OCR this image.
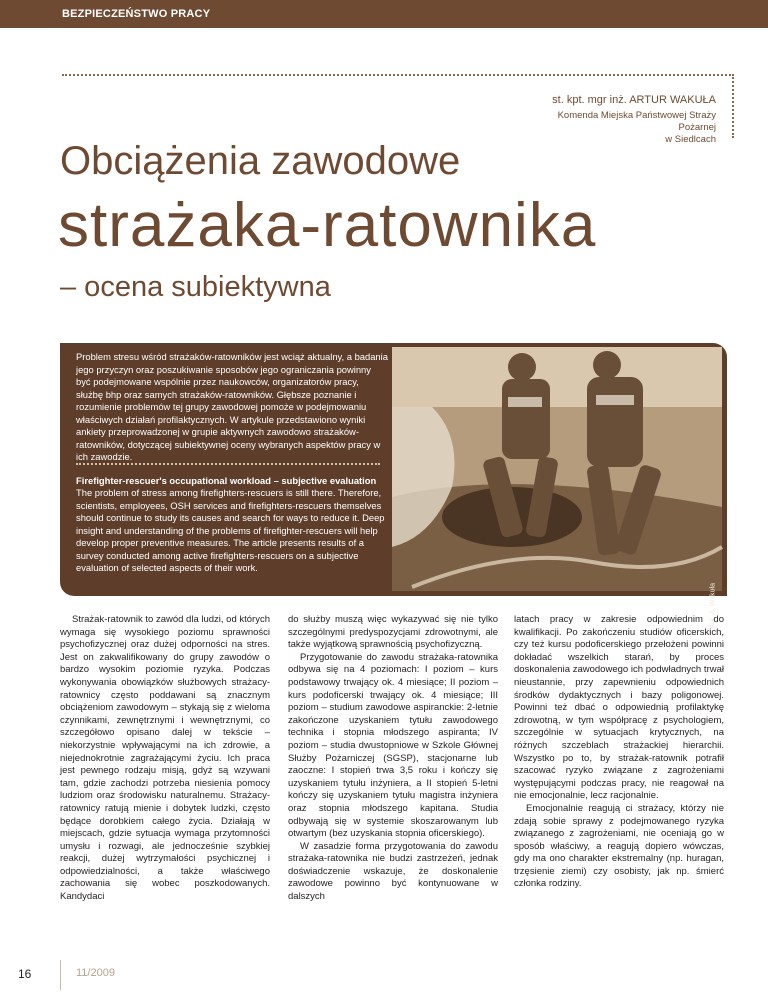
BEZPIECZEŃSTWO PRACY
st. kpt. mgr inż. ARTUR WAKUŁA
Komenda Miejska Państwowej Straży Pożarnej
w Siedlcach
Obciążenia zawodowe
strażaka-ratownika
– ocena subiektywna
Problem stresu wśród strażaków-ratowników jest wciąż aktualny, a badania jego przyczyn oraz poszukiwanie sposobów jego ograniczania powinny być podejmowane wspólnie przez naukowców, organizatorów pracy, służbę bhp oraz samych strażaków-ratowników. Głębsze poznanie i rozumienie problemów tej grupy zawodowej pomoże w podejmowaniu właściwych działań profilaktycznych. W artykule przedstawiono wyniki ankiety przeprowadzonej w grupie aktywnych zawodowo strażaków-ratowników, dotyczącej subiektywnej oceny wybranych aspektów pracy w ich zawodzie.
Firefighter-rescuer's occupational workload – subjective evaluation
The problem of stress among firefighters-rescuers is still there. Therefore, scientists, employees, OSH services and firefighters-rescuers themselves should continue to study its causes and search for ways to reduce it. Deep insight and understanding of the problems of firefighter-rescuers will help develop proper preventive measures. The article presents results of a survey conducted among active firefighters-rescuers on a subjective evaluation of selected aspects of their work.
Fot. A. Wakuła

Strażak-ratownik to zawód dla ludzi, od których wymaga się wysokiego poziomu sprawności psychofizycznej oraz dużej odporności na stres. Jest on zakwalifikowany do grupy zawodów o bardzo wysokim poziomie ryzyka. Podczas wykonywania obowiązków służbowych strażacy-ratownicy często poddawani są znacznym obciążeniom zawodowym – stykają się z wieloma czynnikami, zewnętrznymi i wewnętrznymi, co szczegółowo opisano dalej w tekście – niekorzystnie wpływającymi na ich zdrowie, a niejednokrotnie zagrażającymi życiu. Ich praca jest pewnego rodzaju misją, gdyż są wzywani tam, gdzie zachodzi potrzeba niesienia pomocy ludziom oraz środowisku naturalnemu. Strażacy-ratownicy ratują mienie i dobytek ludzki, często będące dorobkiem całego życia. Działają w miejscach, gdzie sytuacja wymaga przytomności umysłu i rozwagi, ale jednocześnie szybkiej reakcji, dużej wytrzymałości psychicznej i odpowiedzialności, a także właściwego zachowania się wobec poszkodowanych. Kandydaci

do służby muszą więc wykazywać się nie tylko szczególnymi predyspozycjami zdrowotnymi, ale także wyjątkową sprawnością psychofizyczną.

Przygotowanie do zawodu strażaka-ratownika odbywa się na 4 poziomach: I poziom – kurs podstawowy trwający ok. 4 miesiące; II poziom – kurs podoficerski trwający ok. 4 miesiące; III poziom – studium zawodowe aspiranckie: 2-letnie zakończone uzyskaniem tytułu zawodowego technika i stopnia młodszego aspiranta; IV poziom – studia dwustopniowe w Szkole Głównej Służby Pożarniczej (SGSP), stacjonarne lub zaoczne: I stopień trwa 3,5 roku i kończy się uzyskaniem tytułu inżyniera, a II stopień 5-letni kończy się uzyskaniem tytułu magistra inżyniera oraz stopnia młodszego kapitana. Studia odbywają się w systemie skoszarowanym lub otwartym (bez uzyskania stopnia oficerskiego).

W zasadzie forma przygotowania do zawodu strażaka-ratownika nie budzi zastrzeżeń, jednak doświadczenie wskazuje, że doskonalenie zawodowe powinno być kontynuowane w dalszych

latach pracy w zakresie odpowiednim do kwalifikacji. Po zakończeniu studiów oficerskich, czy też kursu podoficerskiego przełożeni powinni dokładać wszelkich starań, by proces doskonalenia zawodowego ich podwładnych trwał nieustannie, przy zapewnieniu odpowiednich środków dydaktycznych i bazy poligonowej. Powinni też dbać o odpowiednią profilaktykę zdrowotną, w tym współpracę z psychologiem, szczególnie w sytuacjach krytycznych, na różnych szczeblach strażackiej hierarchii. Wszystko po to, by strażak-ratownik potrafił szacować ryzyko związane z zagrożeniami występującymi podczas pracy, nie reagował na nie emocjonalnie, lecz racjonalnie.

Emocjonalnie reagują ci strażacy, którzy nie zdają sobie sprawy z podejmowanego ryzyka związanego z zagrożeniami, nie oceniają go w sposób właściwy, a reagują dopiero wówczas, gdy ma ono charakter ekstremalny (np. huragan, trzęsienie ziemi) czy osobisty, jak np. śmierć członka rodziny.

16	11/2009
